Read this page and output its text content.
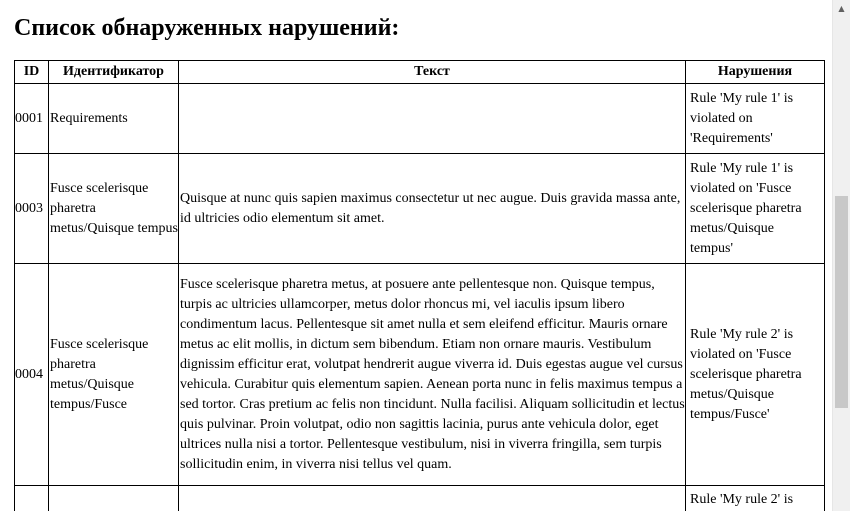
Список обнаруженных нарушений:
ID	Идентификатор	Текст	Нарушения
0001	Requirements		Rule 'My rule 1' is violated on 'Requirements'
0003	Fusce scelerisque pharetra metus/Quisque tempus	Quisque at nunc quis sapien maximus consectetur ut nec augue. Duis gravida massa ante, id ultricies odio elementum sit amet.	Rule 'My rule 1' is violated on 'Fusce scelerisque pharetra metus/Quisque tempus'
0004	Fusce scelerisque pharetra metus/Quisque tempus/Fusce	Fusce scelerisque pharetra metus, at posuere ante pellentesque non. Quisque tempus, turpis ac ultricies ullamcorper, metus dolor rhoncus mi, vel iaculis ipsum libero condimentum lacus. Pellentesque sit amet nulla et sem eleifend efficitur. Mauris ornare metus ac elit mollis, in dictum sem bibendum. Etiam non ornare mauris. Vestibulum dignissim efficitur erat, volutpat hendrerit augue viverra id. Duis egestas augue vel cursus vehicula. Curabitur quis elementum sapien. Aenean porta nunc in felis maximus tempus a sed tortor. Cras pretium ac felis non tincidunt. Nulla facilisi. Aliquam sollicitudin et lectus quis pulvinar. Proin volutpat, odio non sagittis lacinia, purus ante vehicula dolor, eget ultrices nulla nisi a tortor. Pellentesque vestibulum, nisi in viverra fringilla, sem turpis sollicitudin enim, in viverra nisi tellus vel quam.	Rule 'My rule 2' is violated on 'Fusce scelerisque pharetra metus/Quisque tempus/Fusce'
			Rule 'My rule 2' is
▲
